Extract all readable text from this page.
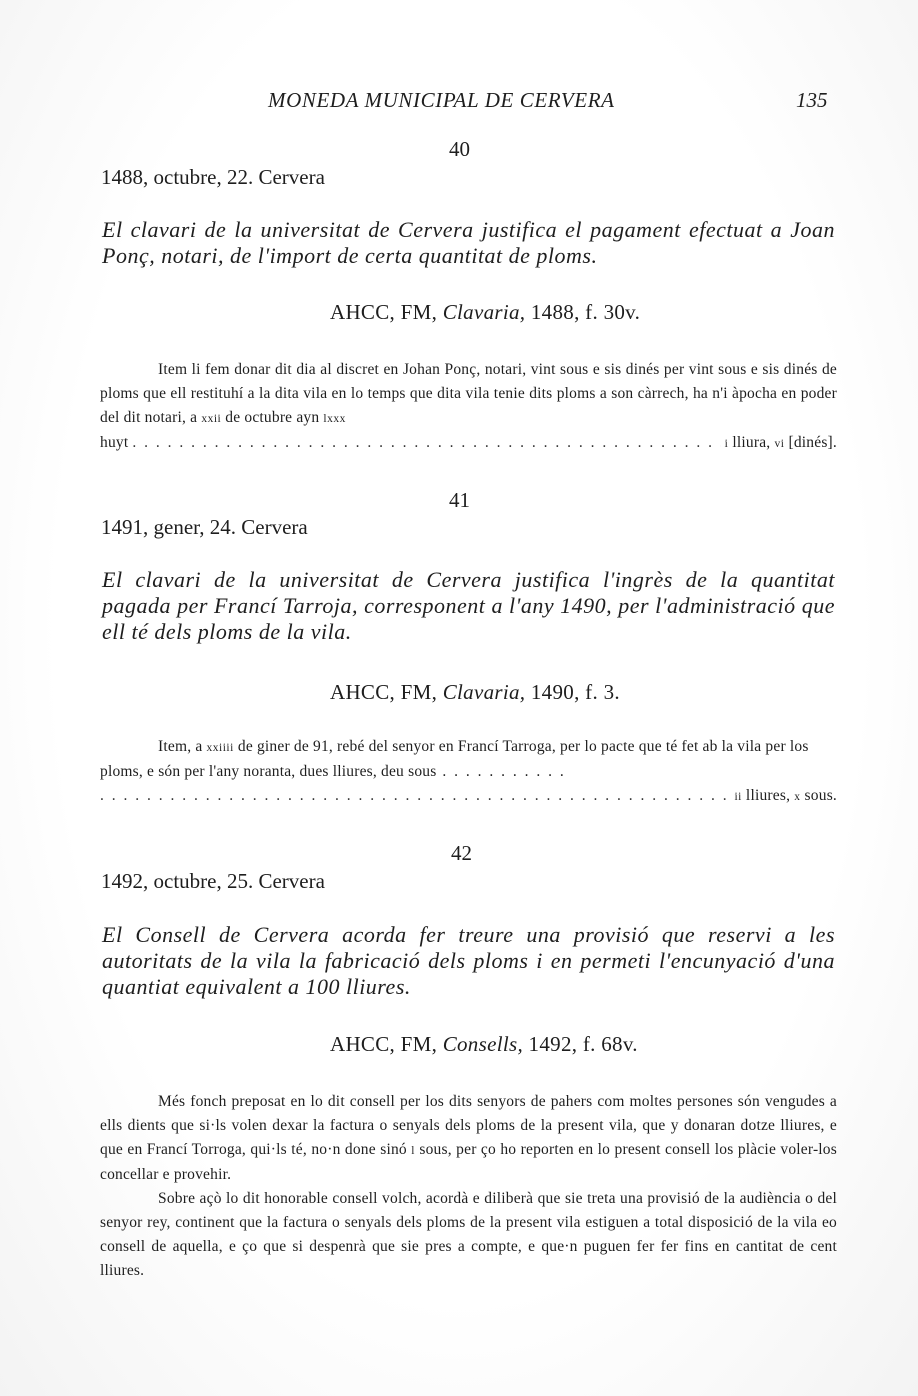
MONEDA MUNICIPAL DE CERVERA	135
40
1488, octubre, 22. Cervera
El clavari de la universitat de Cervera justifica el pagament efectuat a Joan Ponç, notari, de l'import de certa quantitat de ploms.
AHCC, FM, Clavaria, 1488, f. 30v.

Item li fem donar dit dia al discret en Johan Ponç, notari, vint sous e sis dinés per vint sous e sis dinés de ploms que ell restituhí a la dita vila en lo temps que dita vila tenie dits ploms a son càrrech, ha n'i àpocha en poder del dit notari, a xxii de octubre ayn lxxx

huyt
. . .	i lliura, vi [dinés].
41
1491, gener, 24. Cervera
El clavari de la universitat de Cervera justifica l'ingrès de la quantitat pagada per Francí Tarroja, corresponent a l'any 1490, per l'administració que ell té dels ploms de la vila.
AHCC, FM, Clavaria, 1490, f. 3.
Item, a xxiiii de giner de 91, rebé del senyor en Francí Tarroga, per lo pacte que té fet ab la vila per los ploms, e són per l'any noranta, dues lliures, deu sous . . . . . . . . . . .
. . .
ii lliures, x sous.
42
1492, octubre, 25. Cervera
El Consell de Cervera acorda fer treure una provisió que reservi a les autoritats de la vila la fabricació dels ploms i en permeti l'encunyació d'una quantiat equivalent a 100 lliures.
AHCC, FM, Consells, 1492, f. 68v.

Més fonch preposat en lo dit consell per los dits senyors de pahers com moltes persones són vengudes a ells dients que si·ls volen dexar la factura o senyals dels ploms de la present vila, que y donaran dotze lliures, e que en Francí Torroga, qui·ls té, no·n done sinó l sous, per ço ho reporten en lo present consell los plàcie voler-los concellar e provehir.

Sobre açò lo dit honorable consell volch, acordà e diliberà que sie treta una provisió de la audiència o del senyor rey, continent que la factura o senyals dels ploms de la present vila estiguen a total disposició de la vila eo consell de aquella, e ço que si despenrà que sie pres a compte, e que·n puguen fer fer fins en cantitat de cent lliures.
